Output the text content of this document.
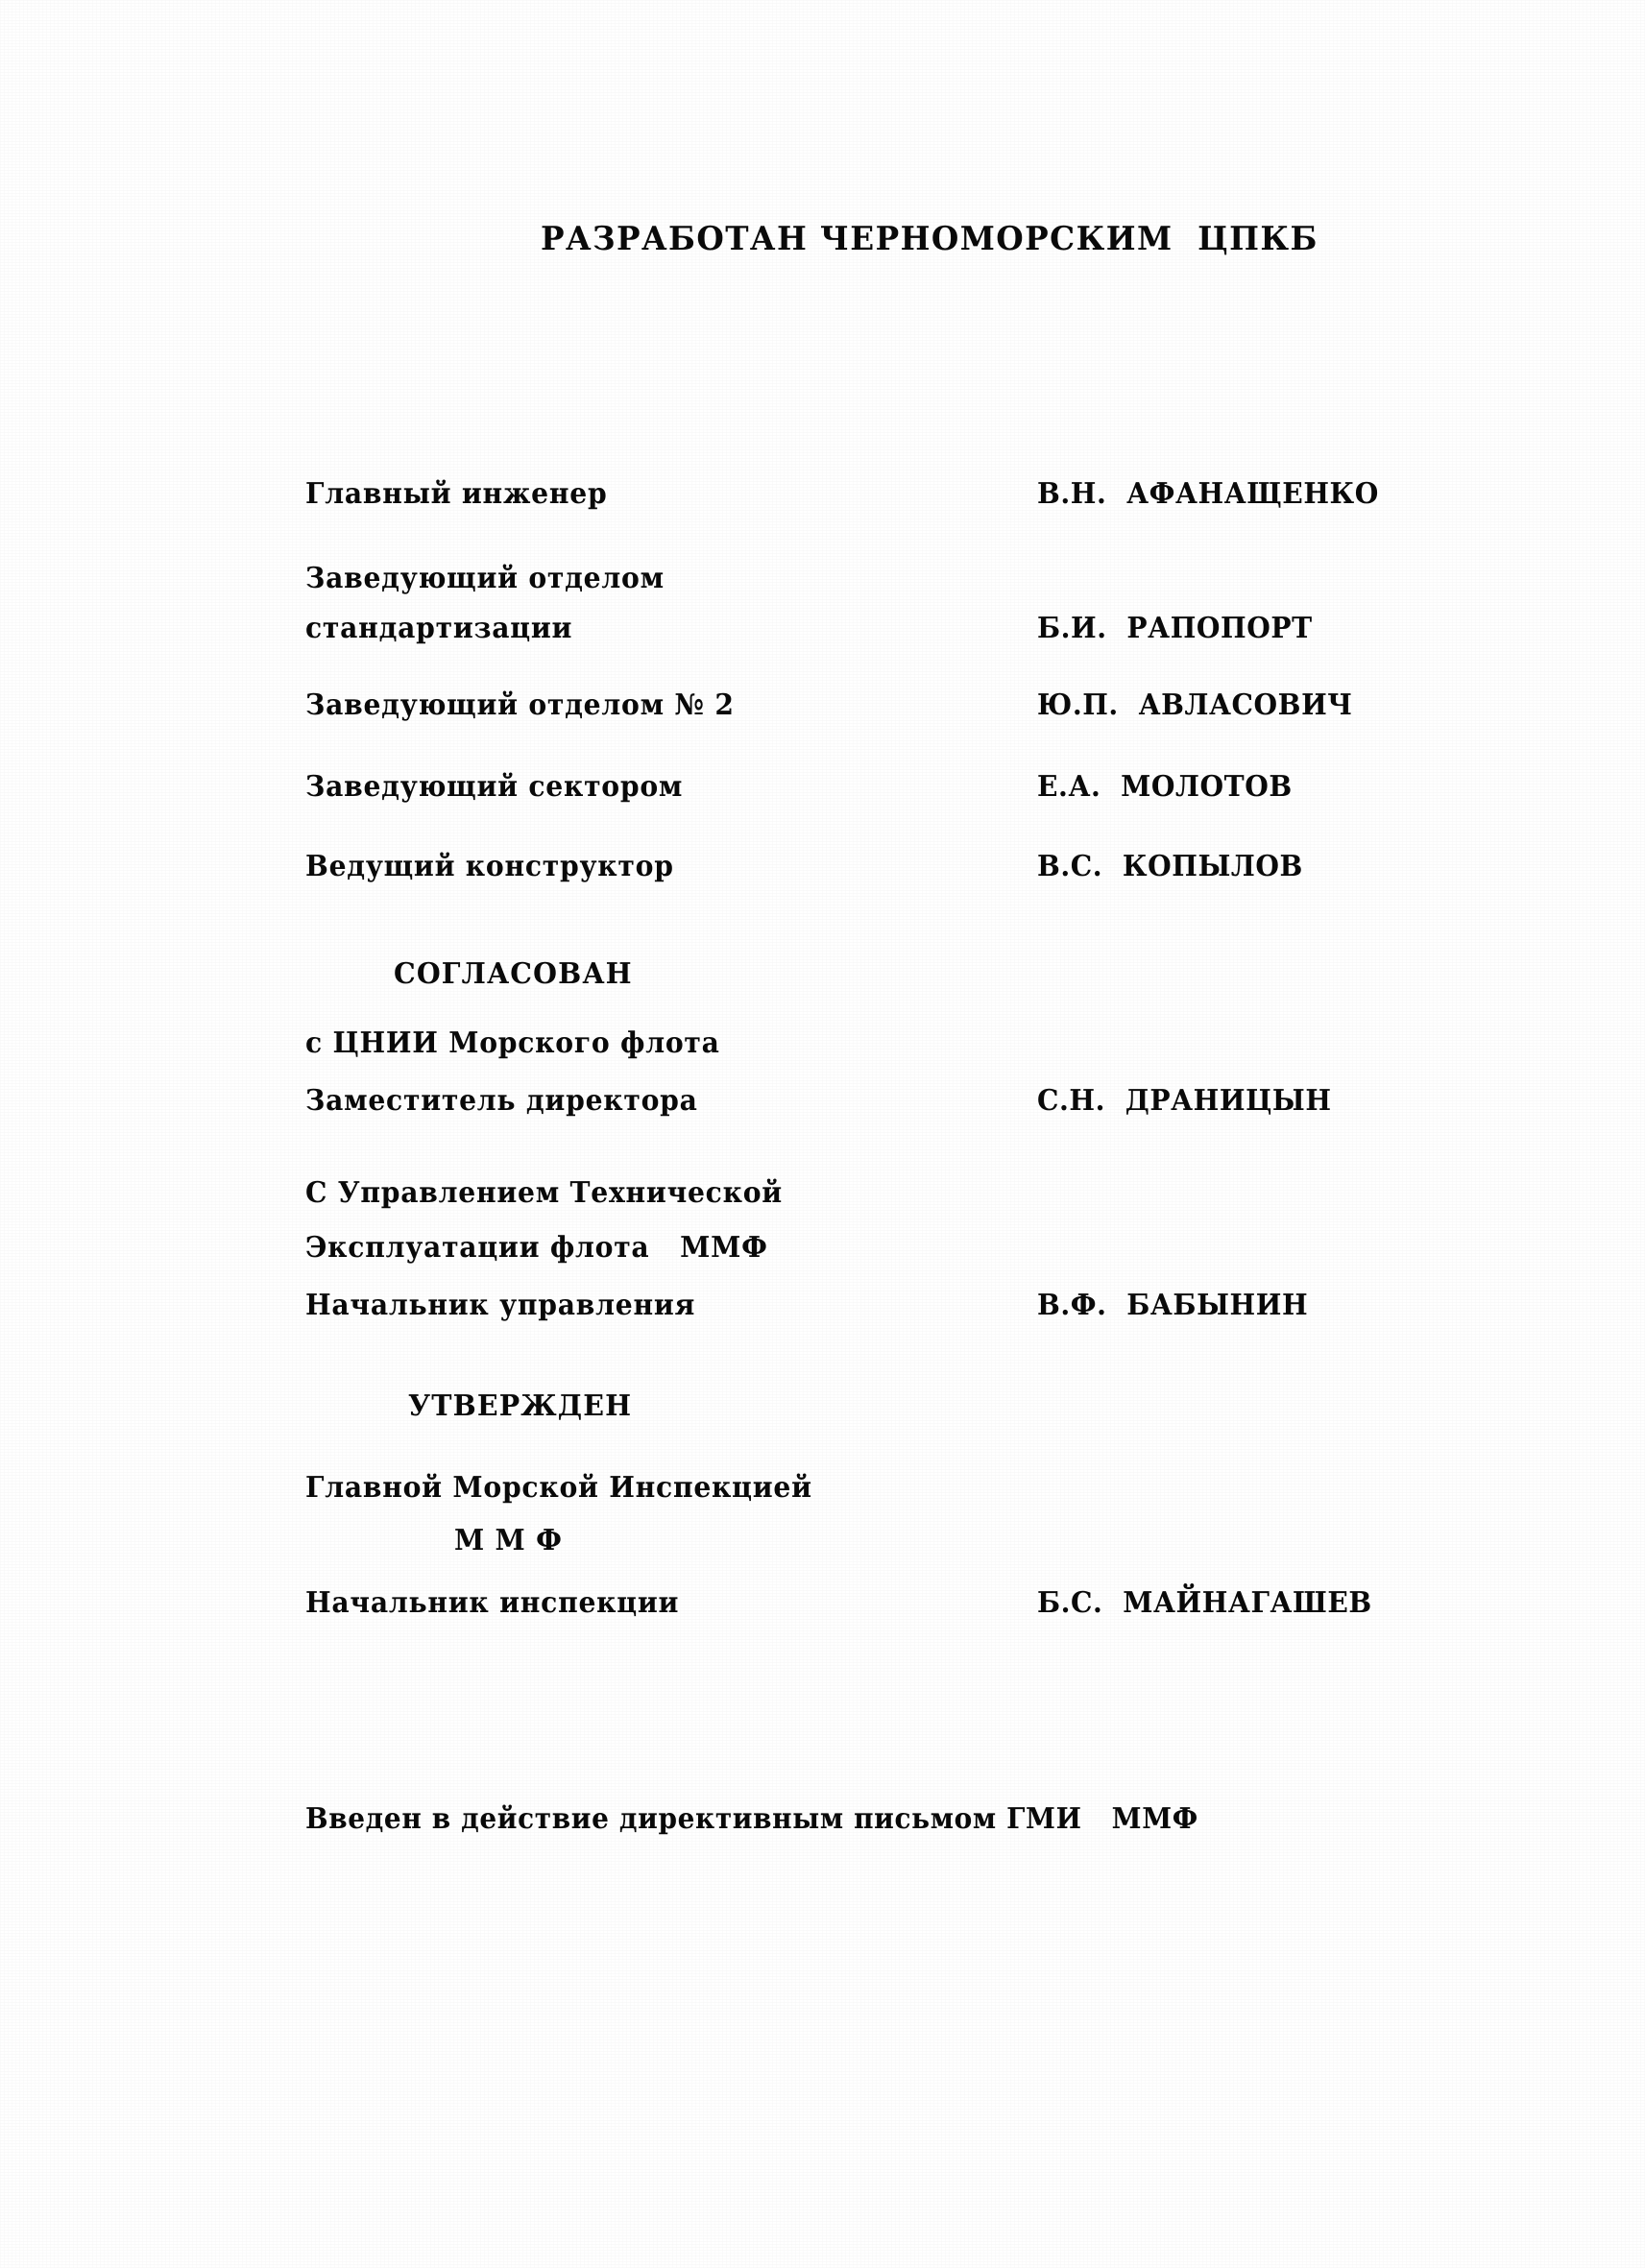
РАЗРАБОТАН ЧЕРНОМОРСКИМ  ЦПКБ
Главный инженер	В.Н.  АФАНАЩЕНКО
Заведующий отделом
стандартизации	Б.И.  РАПОПОРТ
Заведующий отделом № 2	Ю.П.  АВЛАСОВИЧ
Заведующий сектором	Е.А.  МОЛОТОВ
Ведущий конструктор	В.С.  КОПЫЛОВ
СОГЛАСОВАН
с ЦНИИ Морского флота
Заместитель директора	С.Н.  ДРАНИЦЫН
С Управлением Технической
Эксплуатации флота   ММФ
Начальник управления	В.Ф.  БАБЫНИН
УТВЕРЖДЕН
Главной Морской Инспекцией
М М Ф
Начальник инспекции	Б.С.  МАЙНАГАШЕВ
Введен в действие директивным письмом ГМИ   ММФ
